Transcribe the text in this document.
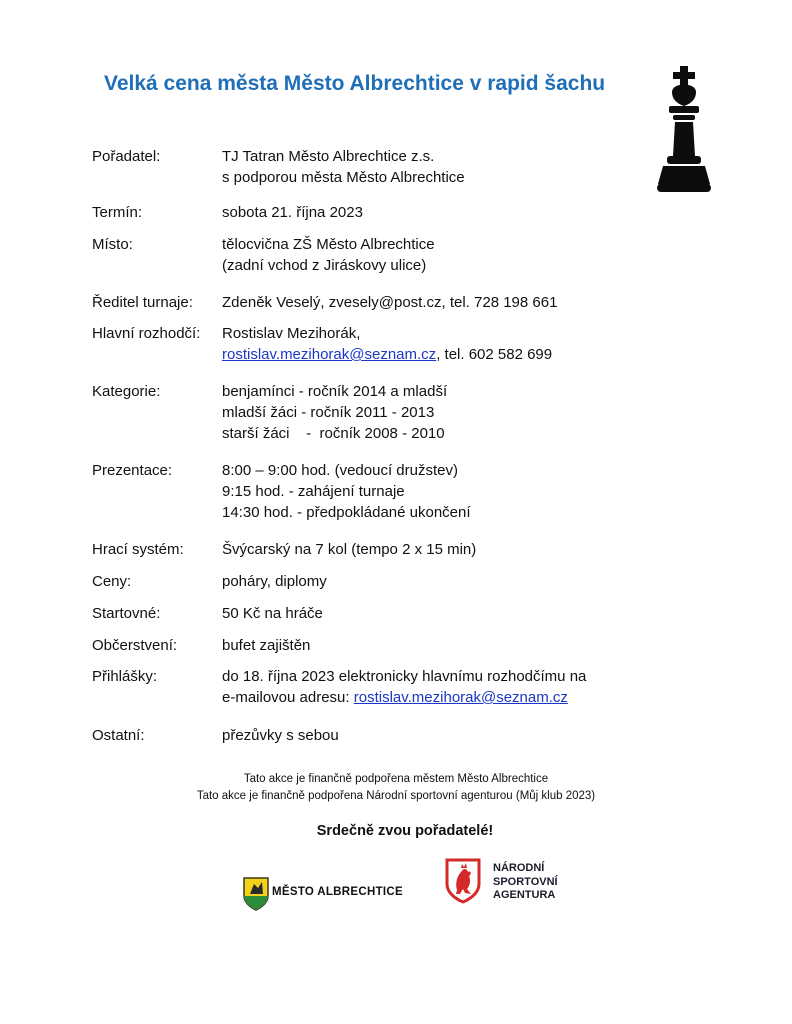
Velká cena města Město Albrechtice v rapid šachu
Pořadatel:	TJ Tatran Město Albrechtice z.s.
s podporou města Město Albrechtice
Termín:	sobota 21. října 2023
Místo:	tělocvična ZŠ Město Albrechtice
(zadní vchod z Jiráskovy ulice)
Ředitel turnaje:	Zdeněk Veselý, zvesely@post.cz, tel. 728 198 661
Hlavní rozhodčí:	Rostislav Mezihorák,
rostislav.mezihorak@seznam.cz, tel. 602 582 699
Kategorie:	benjamínci - ročník 2014 a mladší
mladší žáci - ročník 2011 - 2013
starší žáci    -  ročník 2008 - 2010
Prezentace:	8:00 – 9:00 hod. (vedoucí družstev)
9:15 hod. - zahájení turnaje
14:30 hod. - předpokládané ukončení
Hrací systém:	Švýcarský na 7 kol (tempo 2 x 15 min)
Ceny:	poháry, diplomy
Startovné:	50 Kč na hráče
Občerstvení:	bufet zajištěn
Přihlášky:	do 18. října 2023 elektronicky hlavnímu rozhodčímu na
e-mailovou adresu: rostislav.mezihorak@seznam.cz
Ostatní:	přezůvky s sebou
Tato akce je finančně podpořena městem Město Albrechtice
Tato akce je finančně podpořena Národní sportovní agenturou (Můj klub 2023)
Srdečně zvou pořadatelé!
MĚSTO ALBRECHTICE
NÁRODNÍ
SPORTOVNÍ
AGENTURA
